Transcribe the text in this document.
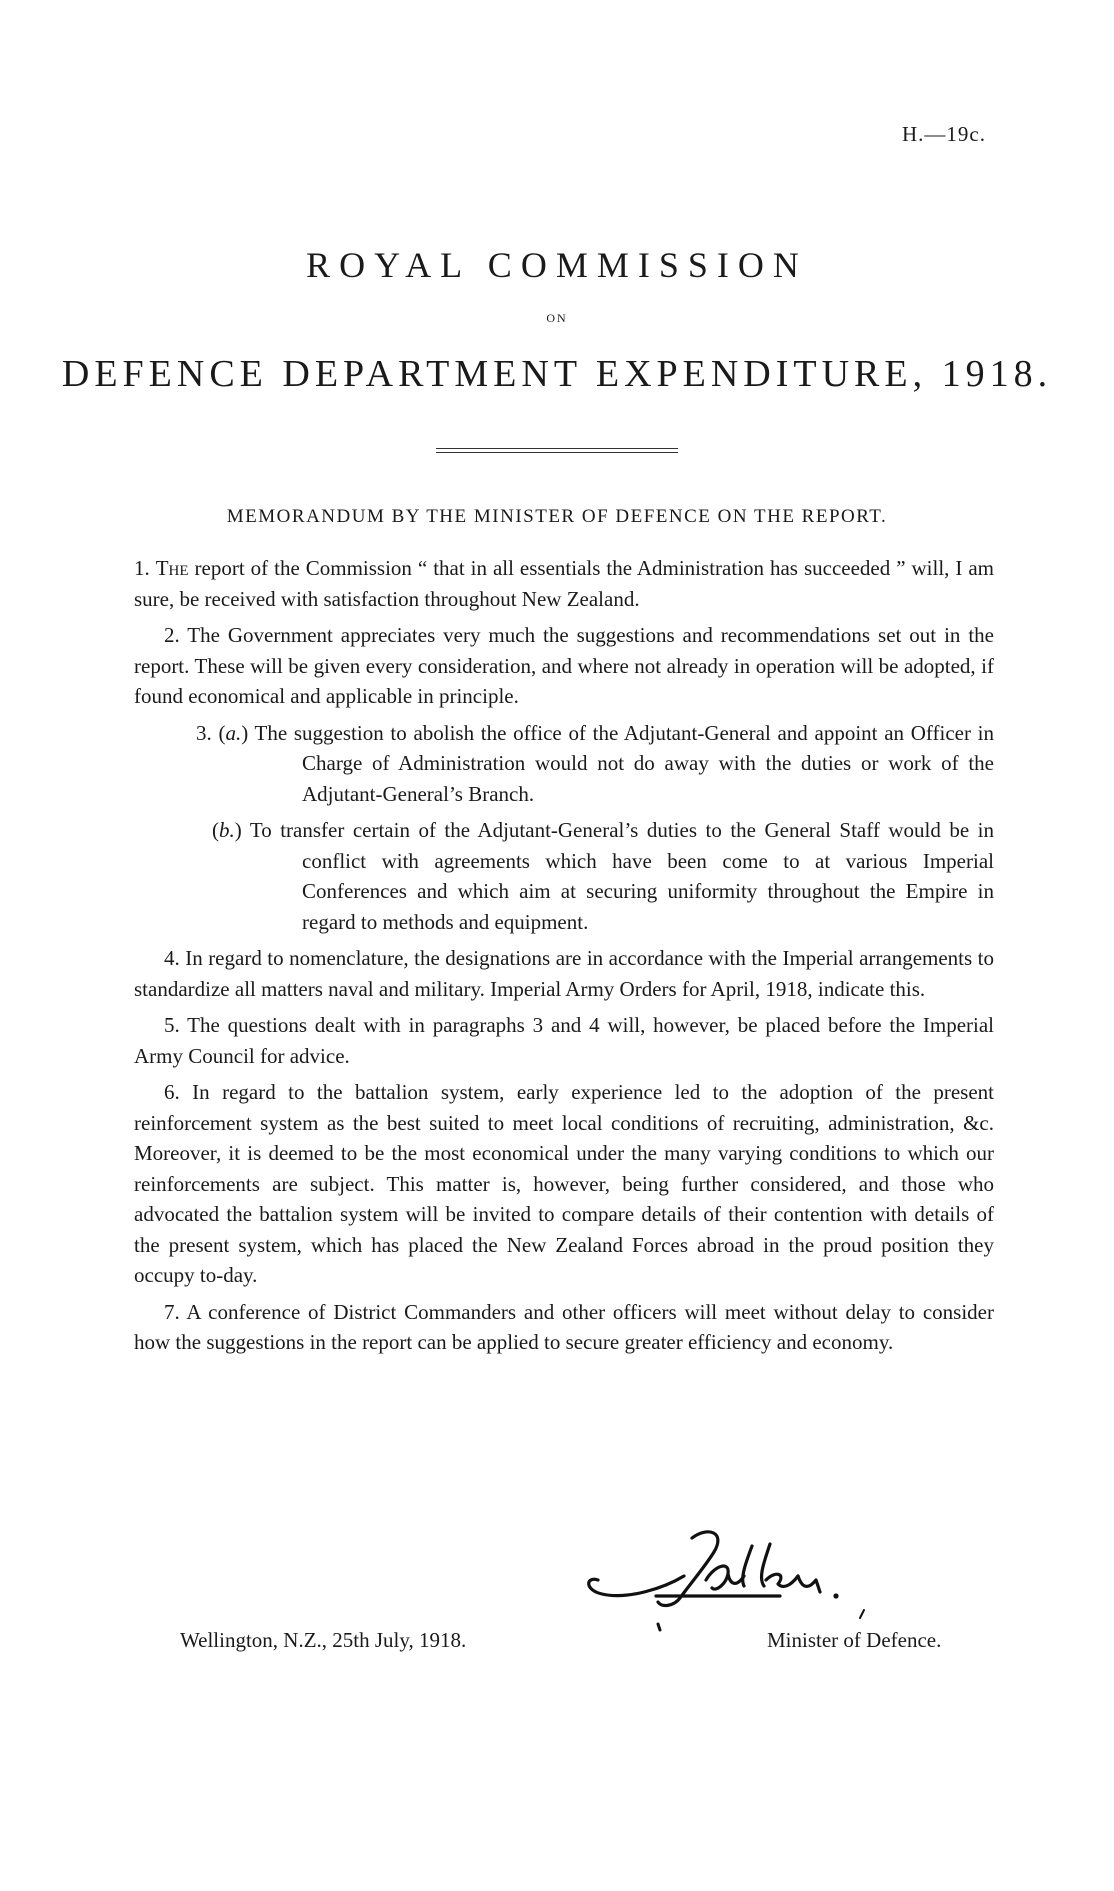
H.—19c.
ROYAL COMMISSION
ON
DEFENCE DEPARTMENT EXPENDITURE, 1918.
MEMORANDUM BY THE MINISTER OF DEFENCE ON THE REPORT.

1. The report of the Commission “ that in all essentials the Administration has succeeded ” will, I am sure, be received with satisfaction throughout New Zealand.

2. The Government appreciates very much the suggestions and recommendations set out in the report. These will be given every consideration, and where not already in operation will be adopted, if found economical and applicable in principle.

3. (a.) The suggestion to abolish the office of the Adjutant-General and appoint an Officer in Charge of Administration would not do away with the duties or work of the Adjutant-General’s Branch.
(b.) To transfer certain of the Adjutant-General’s duties to the General Staff would be in conflict with agreements which have been come to at various Imperial Conferences and which aim at securing uniformity throughout the Empire in regard to methods and equipment.

4. In regard to nomenclature, the designations are in accordance with the Imperial arrangements to standardize all matters naval and military. Imperial Army Orders for April, 1918, indicate this.

5. The questions dealt with in paragraphs 3 and 4 will, however, be placed before the Imperial Army Council for advice.

6. In regard to the battalion system, early experience led to the adoption of the present reinforcement system as the best suited to meet local conditions of recruiting, administration, &c. Moreover, it is deemed to be the most economical under the many varying conditions to which our reinforcements are subject. This matter is, however, being further considered, and those who advocated the battalion system will be invited to compare details of their contention with details of the present system, which has placed the New Zealand Forces abroad in the proud position they occupy to-day.

7. A conference of District Commanders and other officers will meet without delay to consider how the suggestions in the report can be applied to secure greater efficiency and economy.

Wellington, N.Z., 25th July, 1918.	Minister of Defence.
